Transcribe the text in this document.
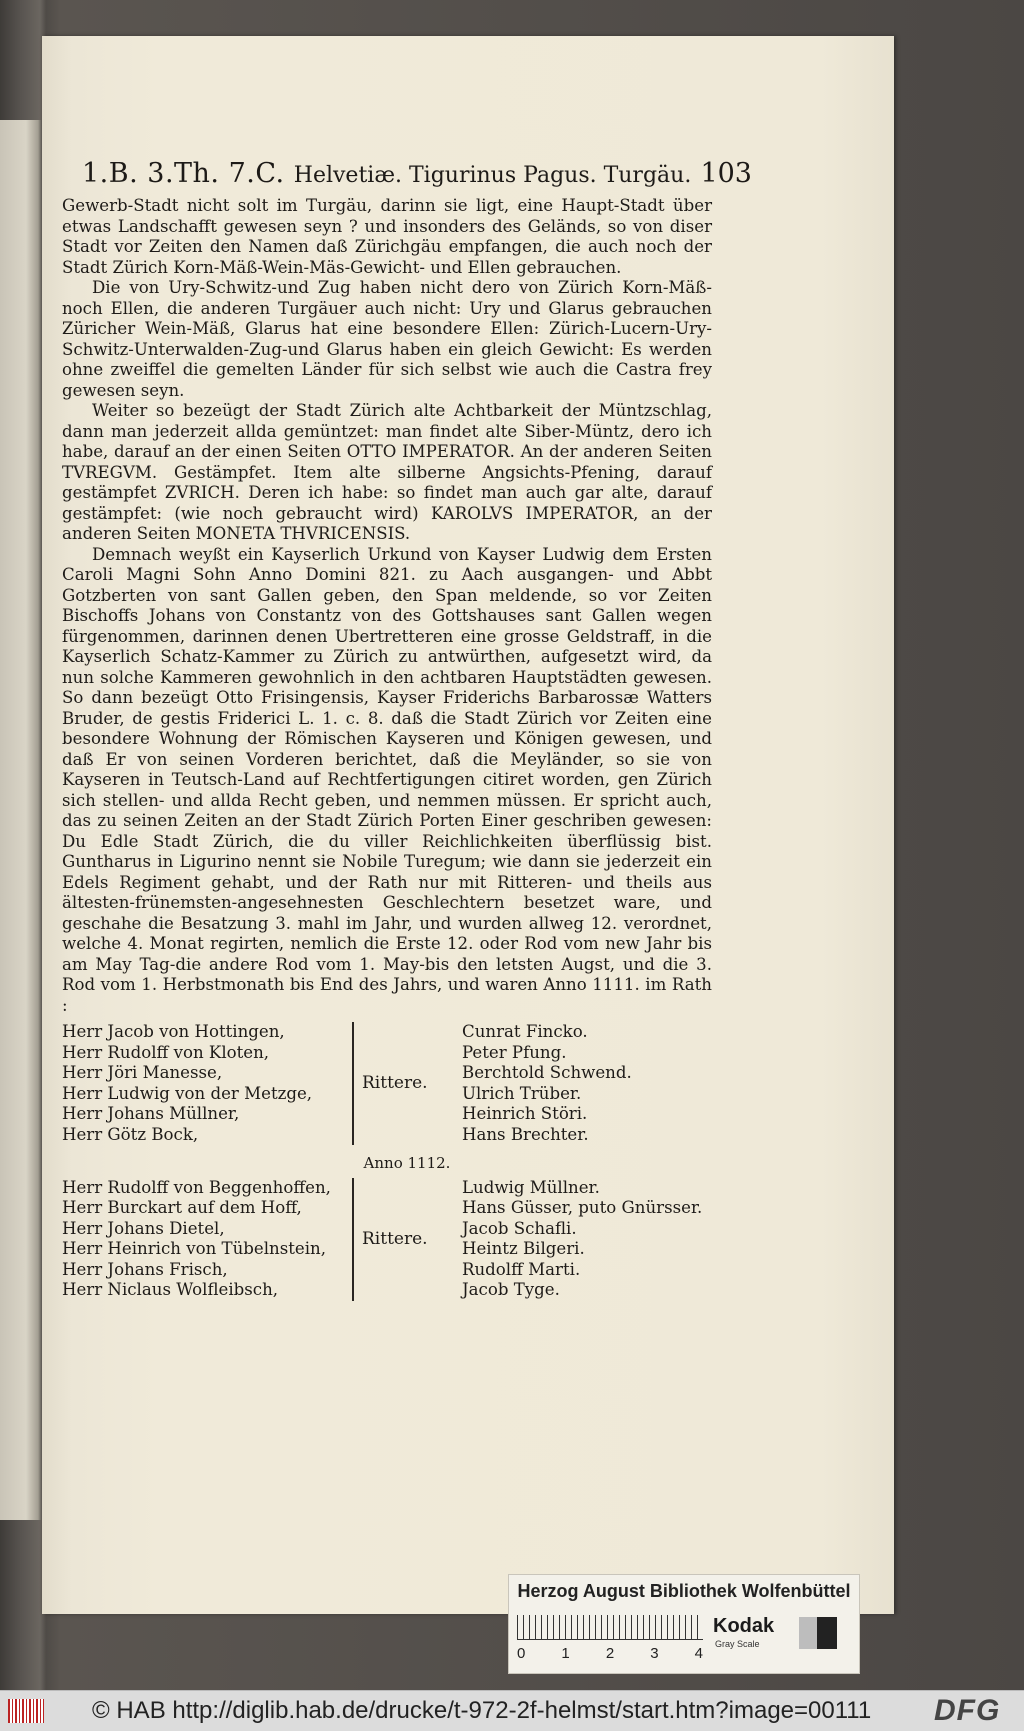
1.B. 3.Th. 7.C. Helvetiæ. Tigurinus Pagus. Turgäu. 103

Gewerb-Stadt nicht solt im Turgäu, darinn sie ligt, eine Haupt-Stadt über etwas Landschafft gewesen seyn ? und insonders des Geländs, so von diser Stadt vor Zeiten den Namen daß Zürichgäu empfangen, die auch noch der Stadt Zürich Korn-Mäß-Wein-Mäs-Gewicht- und Ellen gebrauchen.

Die von Ury-Schwitz-und Zug haben nicht dero von Zürich Korn-Mäß-noch Ellen, die anderen Turgäuer auch nicht: Ury und Glarus gebrauchen Züricher Wein-Mäß, Glarus hat eine besondere Ellen: Zürich-Lucern-Ury-Schwitz-Unterwalden-Zug-und Glarus haben ein gleich Gewicht: Es werden ohne zweiffel die gemelten Länder für sich selbst wie auch die Castra frey gewesen seyn.

Weiter so bezeügt der Stadt Zürich alte Achtbarkeit der Müntzschlag, dann man jederzeit allda gemüntzet: man findet alte Siber-Müntz, dero ich habe, darauf an der einen Seiten OTTO IMPERATOR. An der anderen Seiten TVREGVM. Gestämpfet. Item alte silberne Angsichts-Pfening, darauf gestämpfet ZVRICH. Deren ich habe: so findet man auch gar alte, darauf gestämpfet: (wie noch gebraucht wird) KAROLVS IMPERATOR, an der anderen Seiten MONETA THVRICENSIS.

Demnach weyßt ein Kayserlich Urkund von Kayser Ludwig dem Ersten Caroli Magni Sohn Anno Domini 821. zu Aach ausgangen- und Abbt Gotzberten von sant Gallen geben, den Span meldende, so vor Zeiten Bischoffs Johans von Constantz von des Gottshauses sant Gallen wegen fürgenommen, darinnen denen Ubertretteren eine grosse Geldstraff, in die Kayserlich Schatz-Kammer zu Zürich zu antwürthen, aufgesetzt wird, da nun solche Kammeren gewohnlich in den achtbaren Hauptstädten gewesen. So dann bezeügt Otto Frisingensis, Kayser Friderichs Barbarossæ Watters Bruder, de gestis Friderici L. 1. c. 8. daß die Stadt Zürich vor Zeiten eine besondere Wohnung der Römischen Kayseren und Königen gewesen, und daß Er von seinen Vorderen berichtet, daß die Meyländer, so sie von Kayseren in Teutsch-Land auf Rechtfertigungen citiret worden, gen Zürich sich stellen- und allda Recht geben, und nemmen müssen. Er spricht auch, das zu seinen Zeiten an der Stadt Zürich Porten Einer geschriben gewesen: Du Edle Stadt Zürich, die du viller Reichlichkeiten überflüssig bist. Guntharus in Ligurino nennt sie Nobile Turegum; wie dann sie jederzeit ein Edels Regiment gehabt, und der Rath nur mit Ritteren- und theils aus ältesten-frünemsten-angesehnesten Geschlechtern besetzet ware, und geschahe die Besatzung 3. mahl im Jahr, und wurden allweg 12. verordnet, welche 4. Monat regirten, nemlich die Erste 12. oder Rod vom new Jahr bis am May Tag-die andere Rod vom 1. May-bis den letsten Augst, und die 3. Rod vom 1. Herbstmonath bis End des Jahrs, und waren Anno 1111. im Rath :

Herr Jacob von Hottingen,
Herr Rudolff von Kloten,
Herr Jöri Manesse,
Herr Ludwig von der Metzge,
Herr Johans Müllner,
Herr Götz Bock,
Rittere.
Cunrat Fincko.
Peter Pfung.
Berchtold Schwend.
Ulrich Trüber.
Heinrich Störi.
Hans Brechter.
Anno 1112.
Herr Rudolff von Beggenhoffen,
Herr Burckart auf dem Hoff,
Herr Johans Dietel,
Herr Heinrich von Tübelnstein,
Herr Johans Frisch,
Herr Niclaus Wolfleibsch,
Rittere.
Ludwig Müllner.
Hans Güsser, puto Gnürsser.
Jacob Schafli.
Heintz Bilgeri.
Rudolff Marti.
Jacob Tyge.
Herzog August Bibliothek Wolfenbüttel
0 1 2 3 4
Kodak
Gray Scale
© HAB http://diglib.hab.de/drucke/t-972-2f-helmst/start.htm?image=00111 DFG
